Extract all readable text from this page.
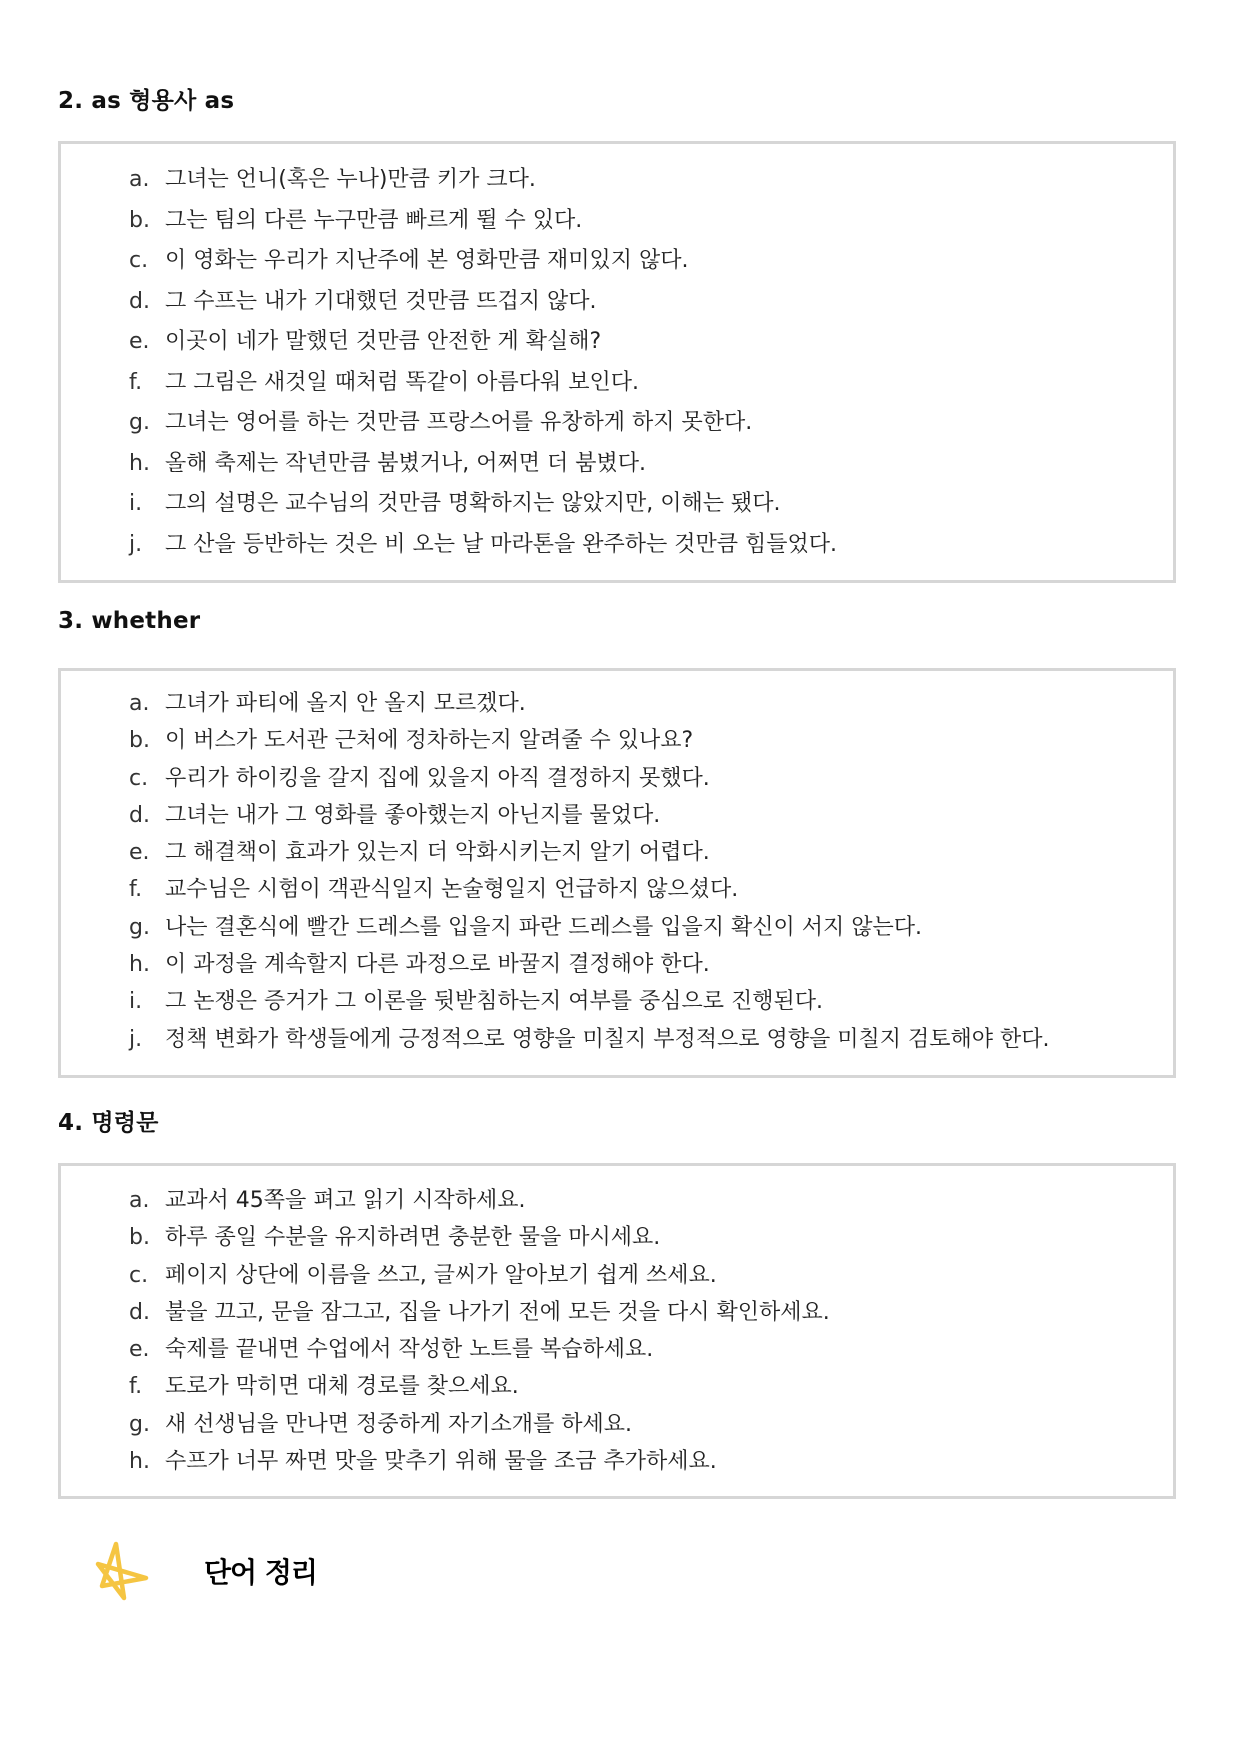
2. as 형용사 as
a. 그녀는 언니(혹은 누나)만큼 키가 크다.
b. 그는 팀의 다른 누구만큼 빠르게 뛸 수 있다.
c. 이 영화는 우리가 지난주에 본 영화만큼 재미있지 않다.
d. 그 수프는 내가 기대했던 것만큼 뜨겁지 않다.
e. 이곳이 네가 말했던 것만큼 안전한 게 확실해?
f.	그 그림은 새것일 때처럼 똑같이 아름다워 보인다.
g. 그녀는 영어를 하는 것만큼 프랑스어를 유창하게 하지 못한다.
h. 올해 축제는 작년만큼 붐볐거나, 어쩌면 더 붐볐다.
i.	그의 설명은 교수님의 것만큼 명확하지는 않았지만, 이해는 됐다.
j.	그 산을 등반하는 것은 비 오는 날 마라톤을 완주하는 것만큼 힘들었다.
3. whether
a. 그녀가 파티에 올지 안 올지 모르겠다.
b. 이 버스가 도서관 근처에 정차하는지 알려줄 수 있나요?
c. 우리가 하이킹을 갈지 집에 있을지 아직 결정하지 못했다.
d. 그녀는 내가 그 영화를 좋아했는지 아닌지를 물었다.
e. 그 해결책이 효과가 있는지 더 악화시키는지 알기 어렵다.
f.	교수님은 시험이 객관식일지 논술형일지 언급하지 않으셨다.
g. 나는 결혼식에 빨간 드레스를 입을지 파란 드레스를 입을지 확신이 서지 않는다.
h. 이 과정을 계속할지 다른 과정으로 바꿀지 결정해야 한다.
i.	그 논쟁은 증거가 그 이론을 뒷받침하는지 여부를 중심으로 진행된다.
j.	정책 변화가 학생들에게 긍정적으로 영향을 미칠지 부정적으로 영향을 미칠지 검토해야 한다.
4. 명령문
a. 교과서 45쪽을 펴고 읽기 시작하세요.
b. 하루 종일 수분을 유지하려면 충분한 물을 마시세요.
c. 페이지 상단에 이름을 쓰고, 글씨가 알아보기 쉽게 쓰세요.
d. 불을 끄고, 문을 잠그고, 집을 나가기 전에 모든 것을 다시 확인하세요.
e. 숙제를 끝내면 수업에서 작성한 노트를 복습하세요.
f.	도로가 막히면 대체 경로를 찾으세요.
g. 새 선생님을 만나면 정중하게 자기소개를 하세요.
h. 수프가 너무 짜면 맛을 맞추기 위해 물을 조금 추가하세요.
단어 정리
